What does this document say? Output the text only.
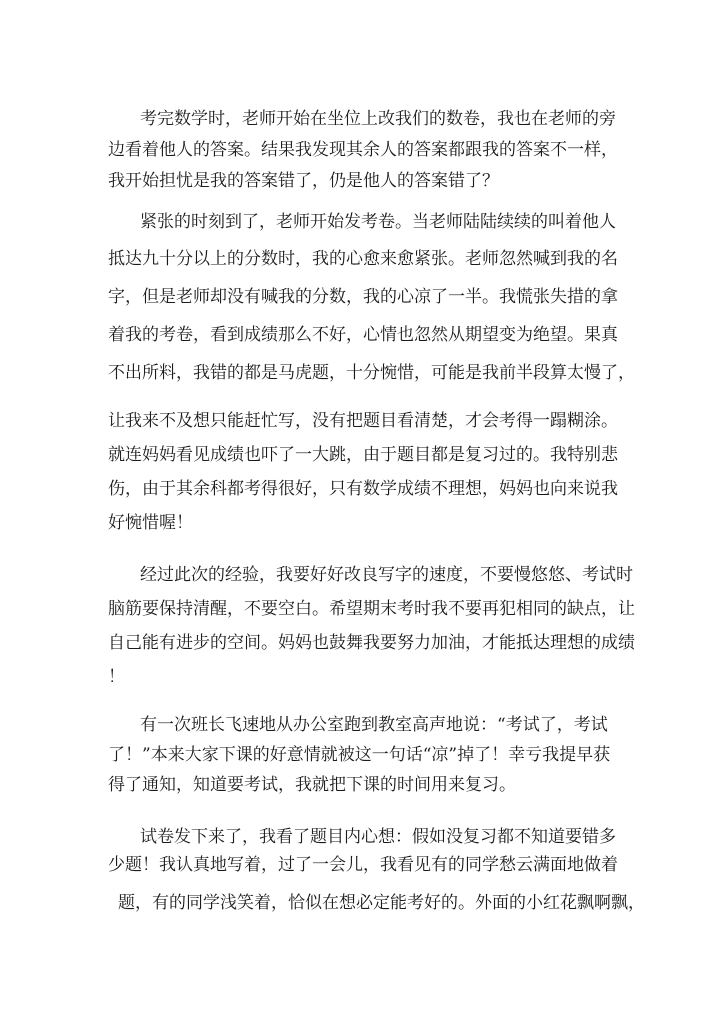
考完数学时，老师开始在坐位上改我们的数卷，我也在老师的旁
边看着他人的答案。结果我发现其余人的答案都跟我的答案不一样，
我开始担忧是我的答案错了，仍是他人的答案错了？
紧张的时刻到了，老师开始发考卷。当老师陆陆续续的叫着他人
抵达九十分以上的分数时，我的心愈来愈紧张。老师忽然喊到我的名
字，但是老师却没有喊我的分数，我的心凉了一半。我慌张失措的拿
着我的考卷，看到成绩那么不好，心情也忽然从期望变为绝望。果真
不出所料，我错的都是马虎题，十分惋惜，可能是我前半段算太慢了，
让我来不及想只能赶忙写，没有把题目看清楚，才会考得一蹋糊涂。
就连妈妈看见成绩也吓了一大跳，由于题目都是复习过的。我特别悲
伤，由于其余科都考得很好，只有数学成绩不理想，妈妈也向来说我
好惋惜喔！
经过此次的经验，我要好好改良写字的速度，不要慢悠悠、考试时
脑筋要保持清醒，不要空白。希望期末考时我不要再犯相同的缺点，让
自己能有进步的空间。妈妈也鼓舞我要努力加油，才能抵达理想的成绩
！
有一次班长飞速地从办公室跑到教室高声地说：“考试了，考试
了！”本来大家下课的好意情就被这一句话“凉”掉了！幸亏我提早获
得了通知，知道要考试，我就把下课的时间用来复习。
试卷发下来了，我看了题目内心想：假如没复习都不知道要错多
少题！我认真地写着，过了一会儿，我看见有的同学愁云满面地做着
题，有的同学浅笑着，恰似在想必定能考好的。外面的小红花飘啊飘，
